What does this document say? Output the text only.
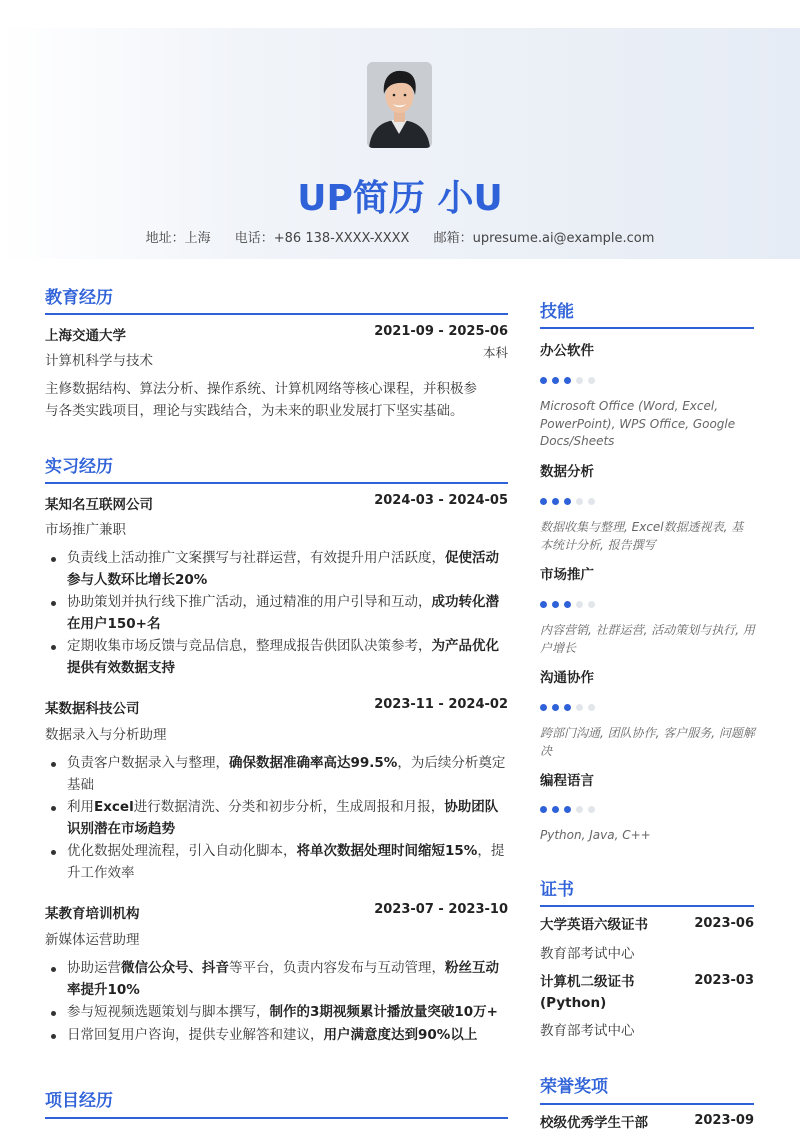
UP简历 小U
地址：上海 电话：+86 138-XXXX-XXXX 邮箱：upresume.ai@example.com
教育经历
上海交通大学	2021-09 - 2025-06
计算机科学与技术
本科
主修数据结构、算法分析、操作系统、计算机网络等核心课程，并积极参
与各类实践项目，理论与实践结合，为未来的职业发展打下坚实基础。
实习经历
某知名互联网公司	2024-03 - 2024-05
市场推广兼职
负责线上活动推广文案撰写与社群运营，有效提升用户活跃度，促使活动参与人数环比增长20%
协助策划并执行线下推广活动，通过精准的用户引导和互动，成功转化潜在用户150+名
定期收集市场反馈与竞品信息，整理成报告供团队决策参考，为产品优化提供有效数据支持
某数据科技公司	2023-11 - 2024-02
数据录入与分析助理
负责客户数据录入与整理，确保数据准确率高达99.5%，为后续分析奠定基础
利用Excel进行数据清洗、分类和初步分析，生成周报和月报，协助团队识别潜在市场趋势
优化数据处理流程，引入自动化脚本，将单次数据处理时间缩短15%，提升工作效率
某教育培训机构	2023-07 - 2023-10
新媒体运营助理
协助运营微信公众号、抖音等平台，负责内容发布与互动管理，粉丝互动率提升10%
参与短视频选题策划与脚本撰写，制作的3期视频累计播放量突破10万+
日常回复用户咨询，提供专业解答和建议，用户满意度达到90%以上
项目经历
技能
办公软件
Microsoft Office (Word, Excel, PowerPoint), WPS Office, Google Docs/Sheets
数据分析
数据收集与整理, Excel数据透视表, 基本统计分析, 报告撰写
市场推广
内容营销, 社群运营, 活动策划与执行, 用户增长
沟通协作
跨部门沟通, 团队协作, 客户服务, 问题解决
编程语言
Python, Java, C++
证书
大学英语六级证书	2023-06
教育部考试中心
计算机二级证书
(Python)
2023-03
教育部考试中心
荣誉奖项
校级优秀学生干部	2023-09
